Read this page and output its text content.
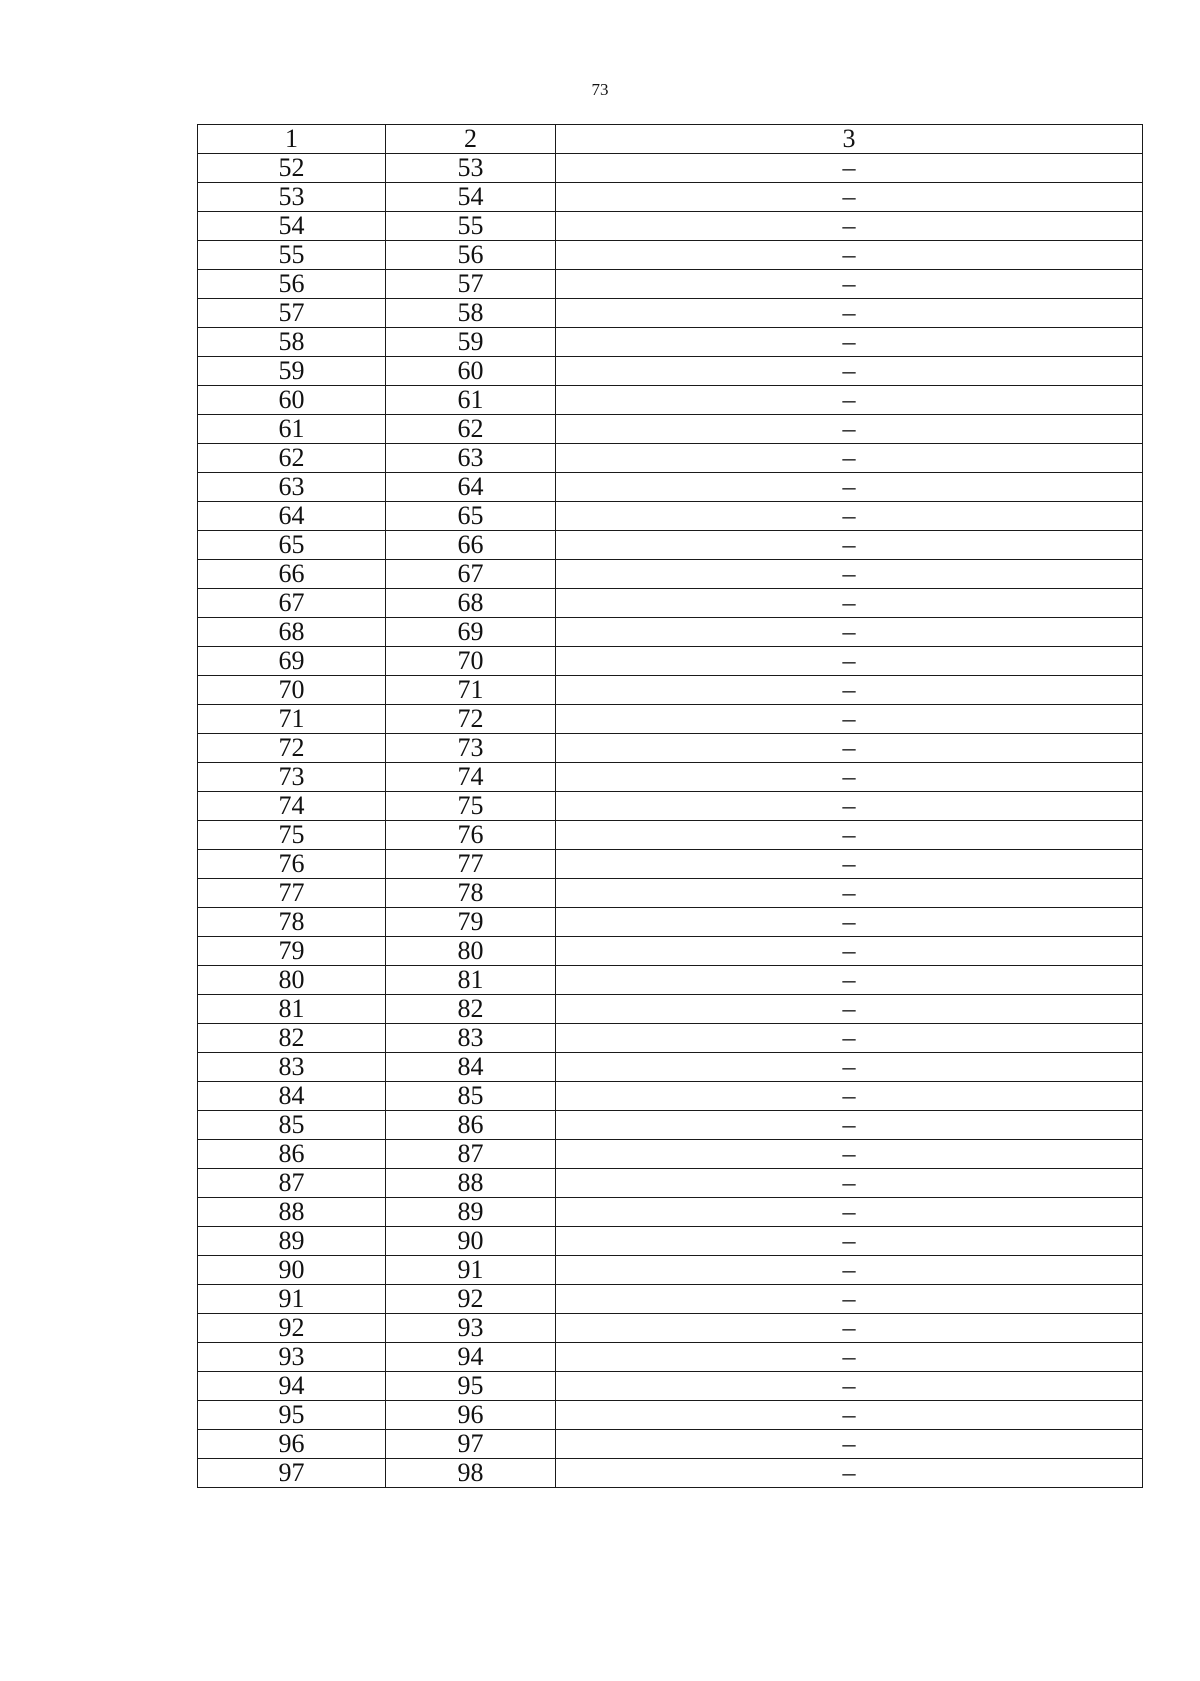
73
1	2	3
52	53	–
53	54	–
54	55	–
55	56	–
56	57	–
57	58	–
58	59	–
59	60	–
60	61	–
61	62	–
62	63	–
63	64	–
64	65	–
65	66	–
66	67	–
67	68	–
68	69	–
69	70	–
70	71	–
71	72	–
72	73	–
73	74	–
74	75	–
75	76	–
76	77	–
77	78	–
78	79	–
79	80	–
80	81	–
81	82	–
82	83	–
83	84	–
84	85	–
85	86	–
86	87	–
87	88	–
88	89	–
89	90	–
90	91	–
91	92	–
92	93	–
93	94	–
94	95	–
95	96	–
96	97	–
97	98	–
